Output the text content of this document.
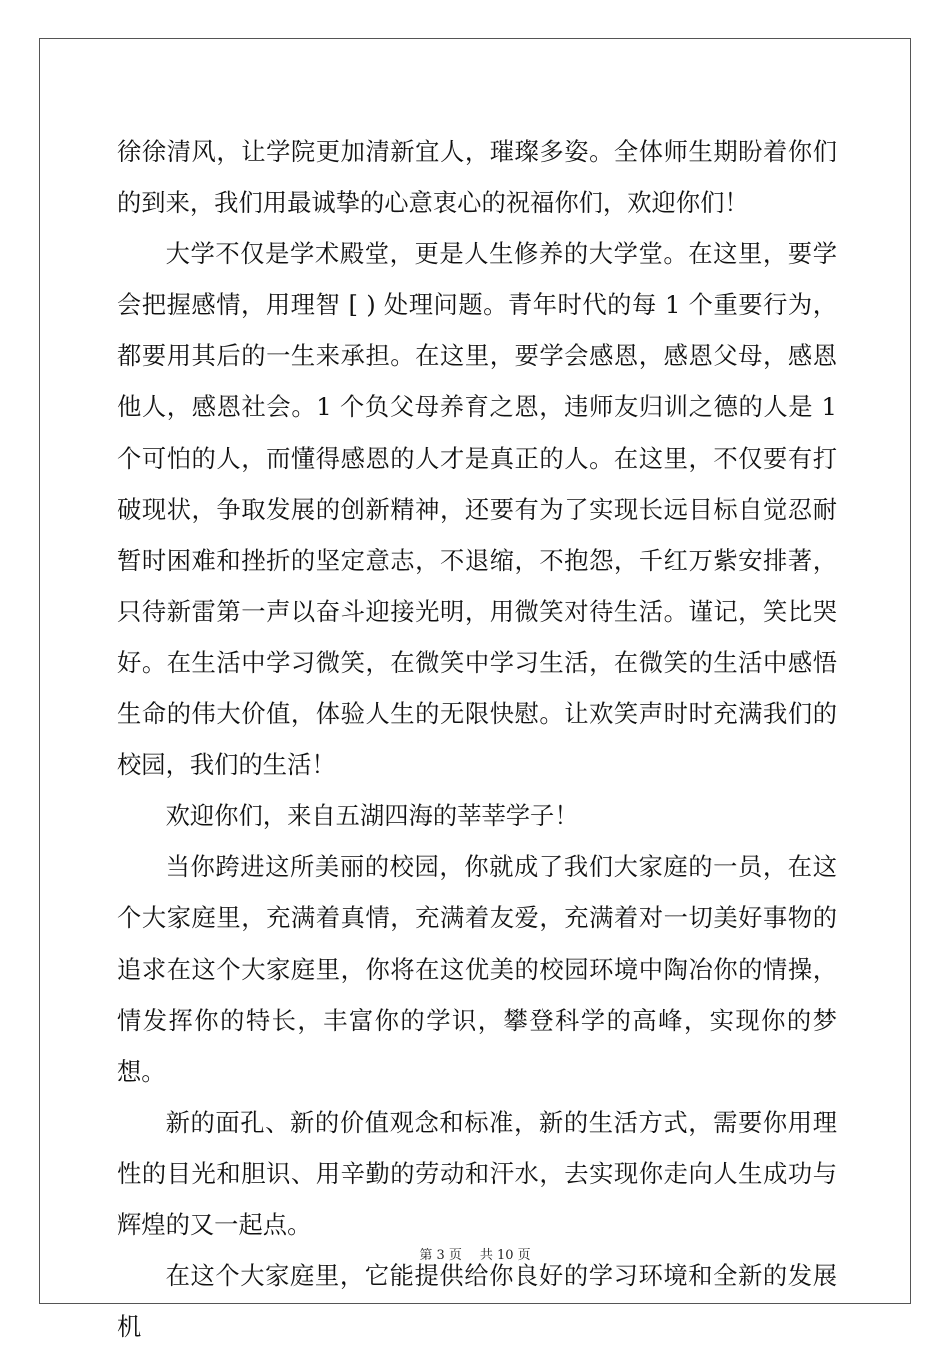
徐徐清风，让学院更加清新宜人，璀璨多姿。全体师生期盼着你们的到来，我们用最诚挚的心意衷心的祝福你们，欢迎你们！

大学不仅是学术殿堂，更是人生修养的大学堂。在这里，要学会把握感情，用理智 [ ) 处理问题。青年时代的每 1 个重要行为，都要用其后的一生来承担。在这里，要学会感恩，感恩父母，感恩他人，感恩社会。1 个负父母养育之恩，违师友归训之德的人是 1 个可怕的人，而懂得感恩的人才是真正的人。在这里，不仅要有打破现状，争取发展的创新精神，还要有为了实现长远目标自觉忍耐暂时困难和挫折的坚定意志，不退缩，不抱怨，千红万紫安排著，只待新雷第一声以奋斗迎接光明，用微笑对待生活。谨记，笑比哭好。在生活中学习微笑，在微笑中学习生活，在微笑的生活中感悟生命的伟大价值，体验人生的无限快慰。让欢笑声时时充满我们的校园，我们的生活！

欢迎你们，来自五湖四海的莘莘学子！

当你跨进这所美丽的校园，你就成了我们大家庭的一员，在这个大家庭里，充满着真情，充满着友爱，充满着对一切美好事物的追求在这个大家庭里，你将在这优美的校园环境中陶冶你的情操，情发挥你的特长，丰富你的学识，攀登科学的高峰，实现你的梦想。

新的面孔、新的价值观念和标准，新的生活方式，需要你用理性的目光和胆识、用辛勤的劳动和汗水，去实现你走向人生成功与辉煌的又一起点。

在这个大家庭里，它能提供给你良好的学习环境和全新的发展机

第 3 页 共 10 页
